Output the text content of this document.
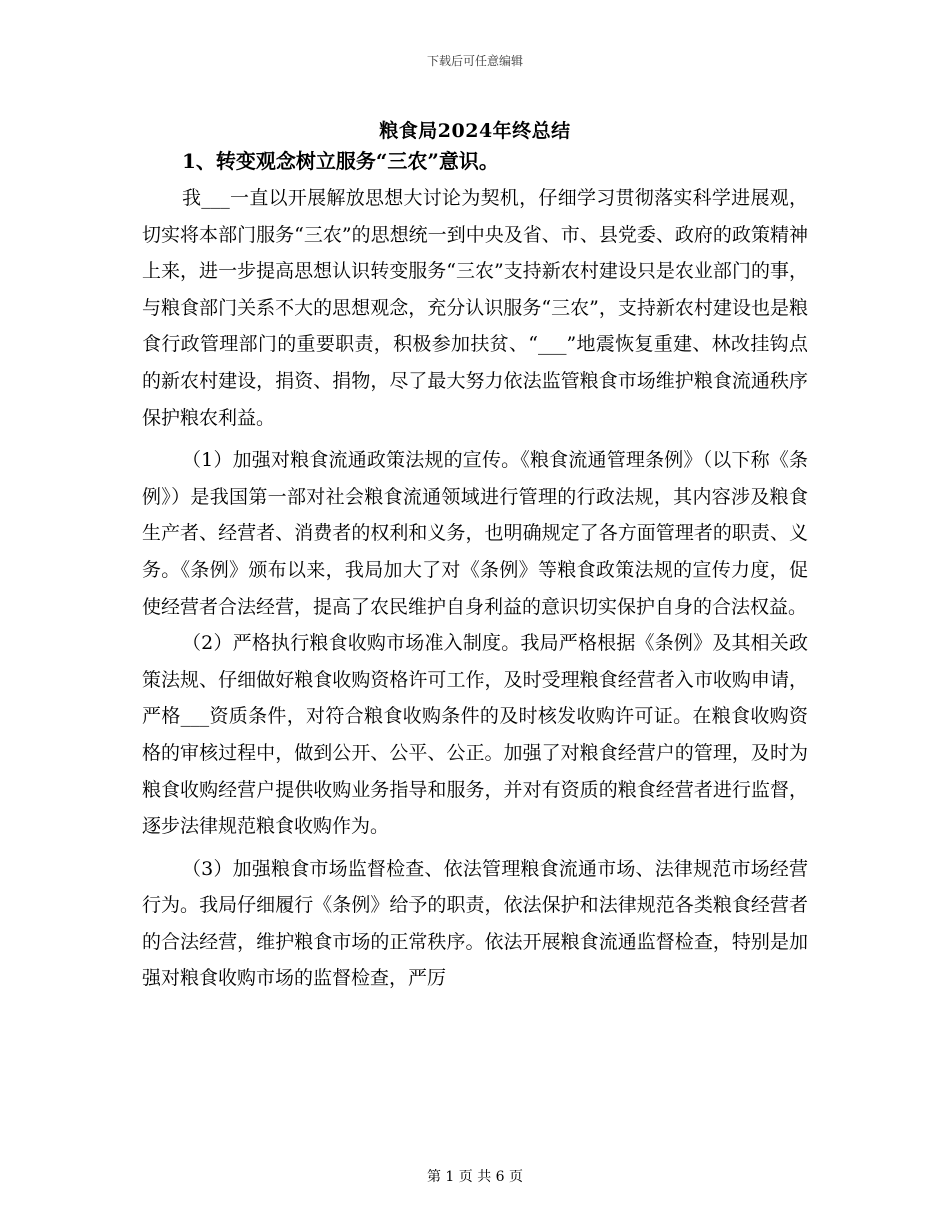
下载后可任意编辑
粮食局2024年终总结

1、转变观念树立服务“三农”意识。

我___一直以开展解放思想大讨论为契机，仔细学习贯彻落实科学进展观，切实将本部门服务“三农”的思想统一到中央及省、市、县党委、政府的政策精神上来，进一步提高思想认识转变服务“三农”支持新农村建设只是农业部门的事，与粮食部门关系不大的思想观念，充分认识服务“三农”，支持新农村建设也是粮食行政管理部门的重要职责，积极参加扶贫、“___”地震恢复重建、林改挂钩点的新农村建设，捐资、捐物，尽了最大努力依法监管粮食市场维护粮食流通秩序保护粮农利益。

（1）加强对粮食流通政策法规的宣传。《粮食流通管理条例》（以下称《条例》）是我国第一部对社会粮食流通领域进行管理的行政法规，其内容涉及粮食生产者、经营者、消费者的权利和义务，也明确规定了各方面管理者的职责、义务。《条例》颁布以来，我局加大了对《条例》等粮食政策法规的宣传力度，促使经营者合法经营，提高了农民维护自身利益的意识切实保护自身的合法权益。

（2）严格执行粮食收购市场准入制度。我局严格根据《条例》及其相关政策法规、仔细做好粮食收购资格许可工作，及时受理粮食经营者入市收购申请，严格___资质条件，对符合粮食收购条件的及时核发收购许可证。在粮食收购资格的审核过程中，做到公开、公平、公正。加强了对粮食经营户的管理，及时为粮食收购经营户提供收购业务指导和服务，并对有资质的粮食经营者进行监督，逐步法律规范粮食收购作为。

（3）加强粮食市场监督检查、依法管理粮食流通市场、法律规范市场经营行为。我局仔细履行《条例》给予的职责，依法保护和法律规范各类粮食经营者的合法经营，维护粮食市场的正常秩序。依法开展粮食流通监督检查，特别是加强对粮食收购市场的监督检查，严厉

第 1 页 共 6 页
